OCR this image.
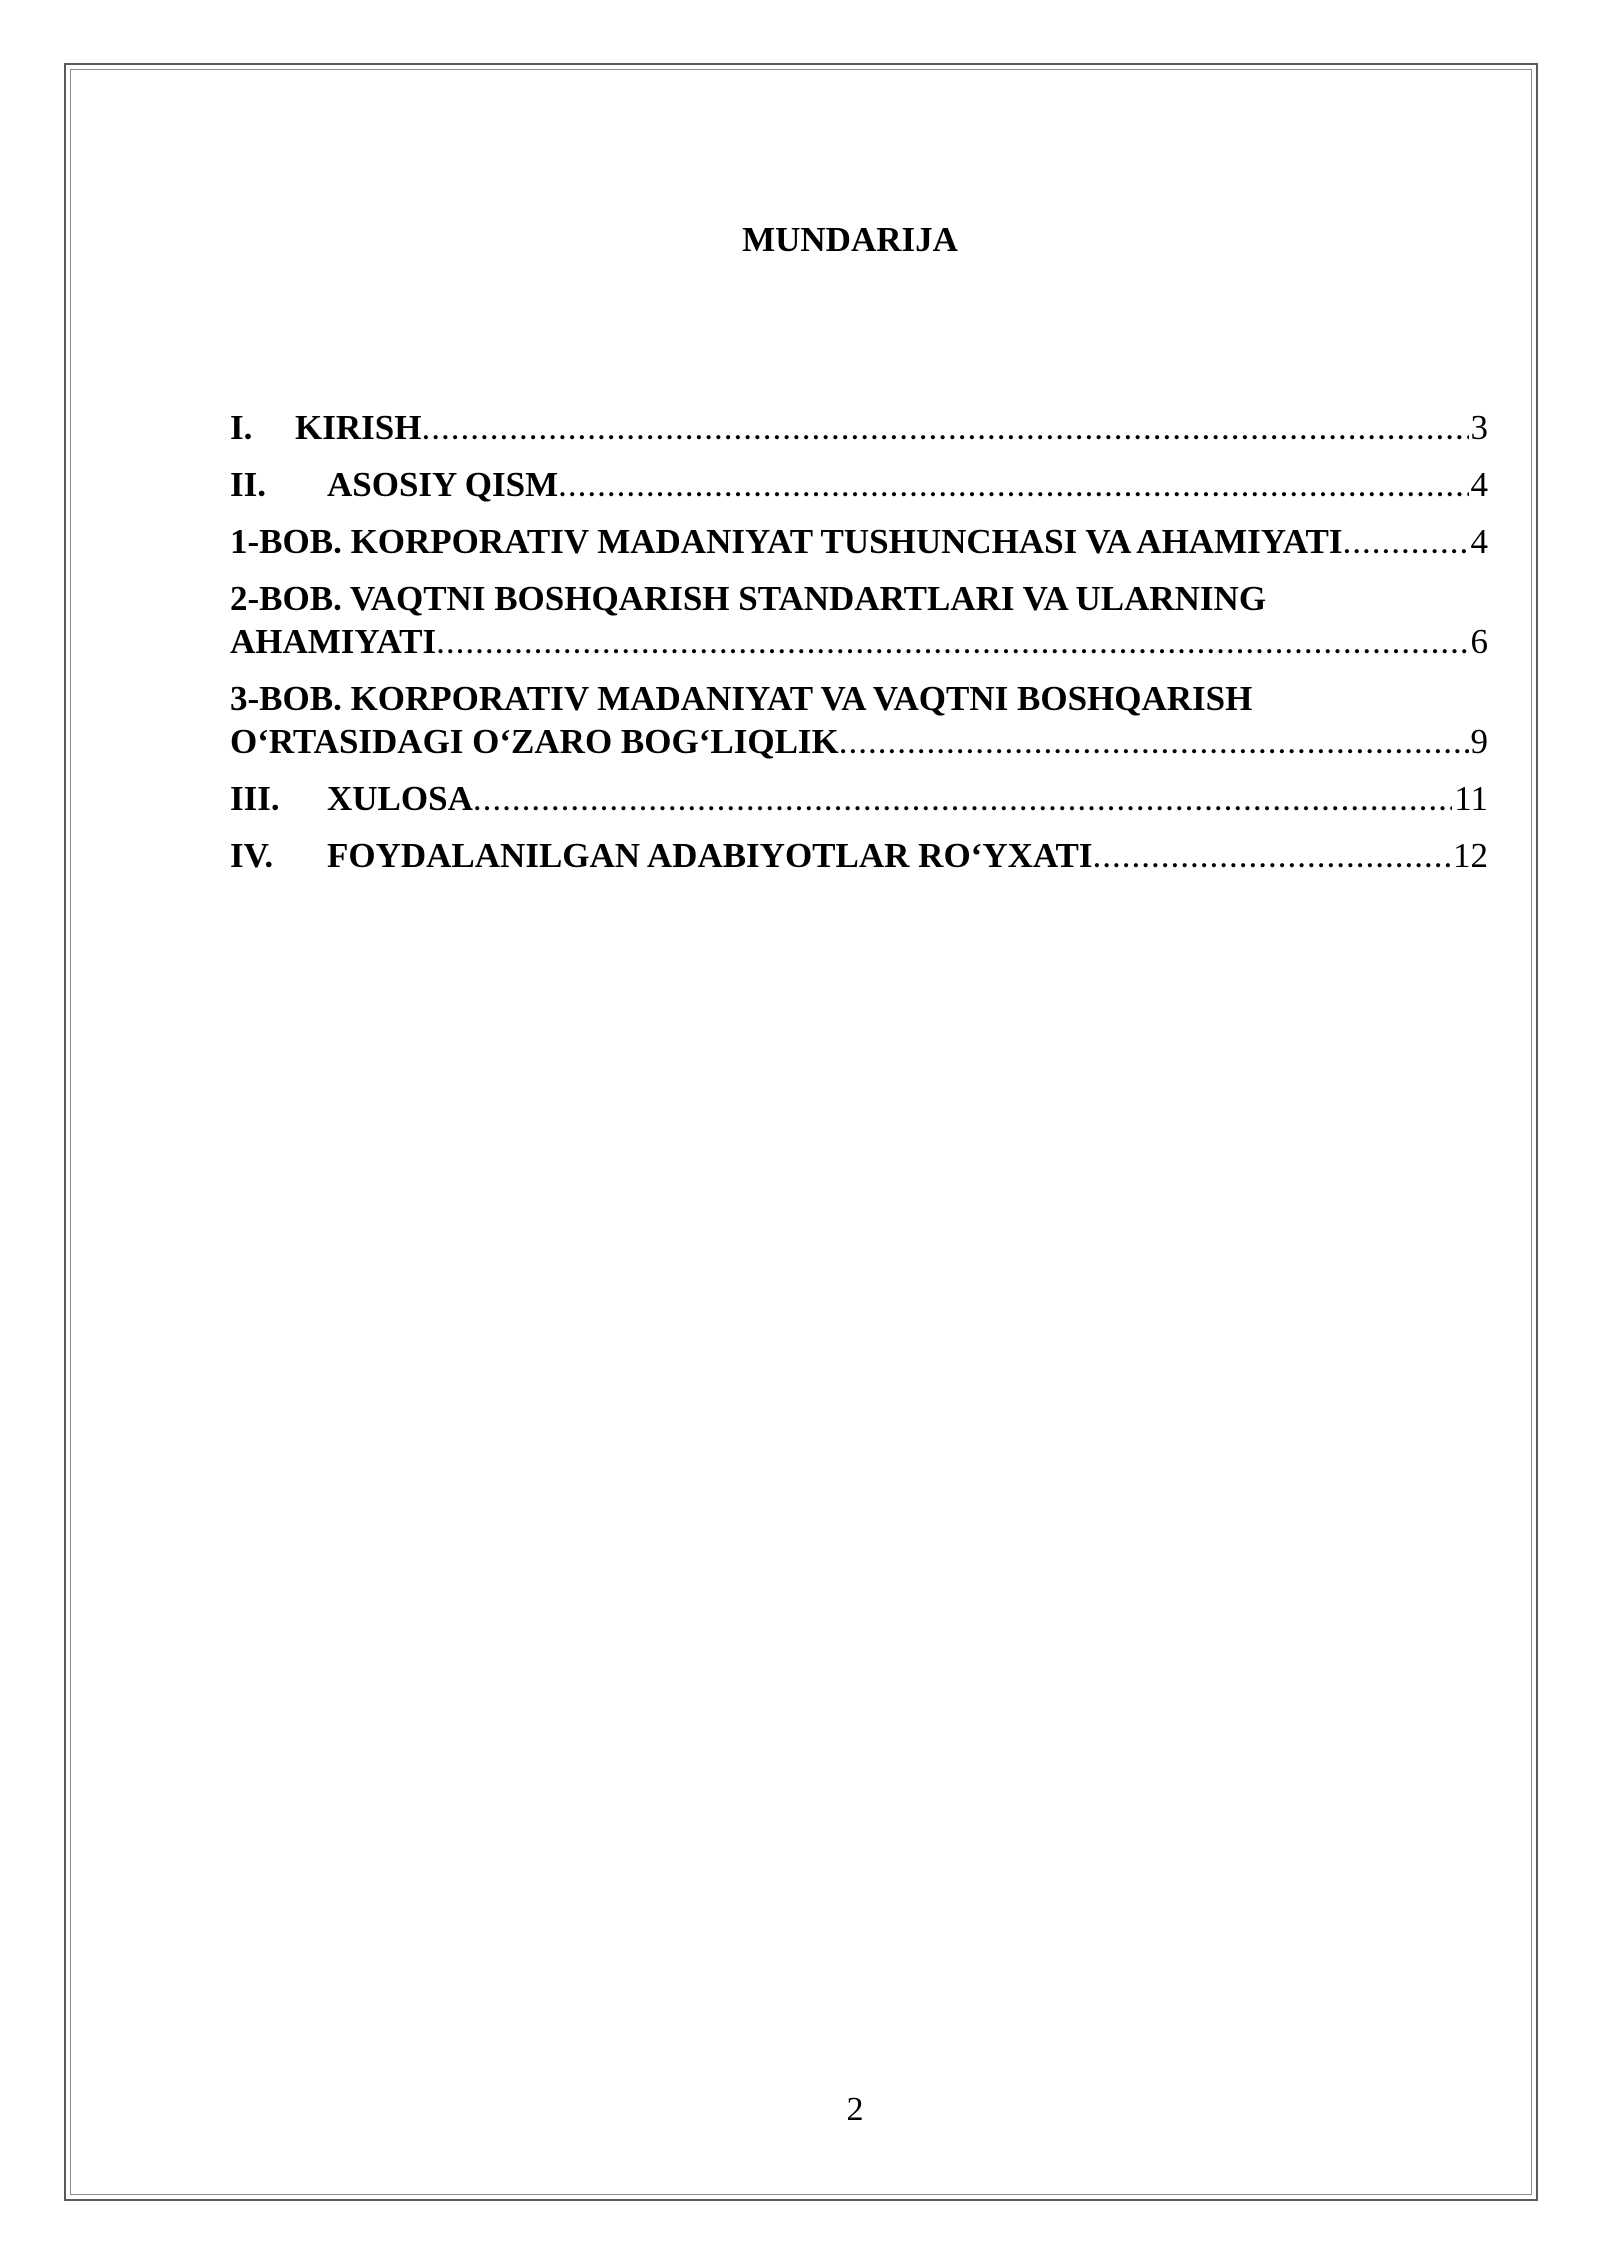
MUNDARIJA
I.	KIRISH .....	3
II.	ASOSIY QISM .....	4
1-BOB. KORPORATIV MADANIYAT TUSHUNCHASI VA AHAMIYATI .....	4
2-BOB. VAQTNI BOSHQARISH STANDARTLARI VA ULARNING
AHAMIYATI .....	6
3-BOB. KORPORATIV MADANIYAT VA VAQTNI BOSHQARISH
O‘RTASIDAGI O‘ZARO BOG‘LIQLIK .....	9
III.	XULOSA .....	11
IV.	FOYDALANILGAN ADABIYOTLAR RO‘YXATI .....	12
2
